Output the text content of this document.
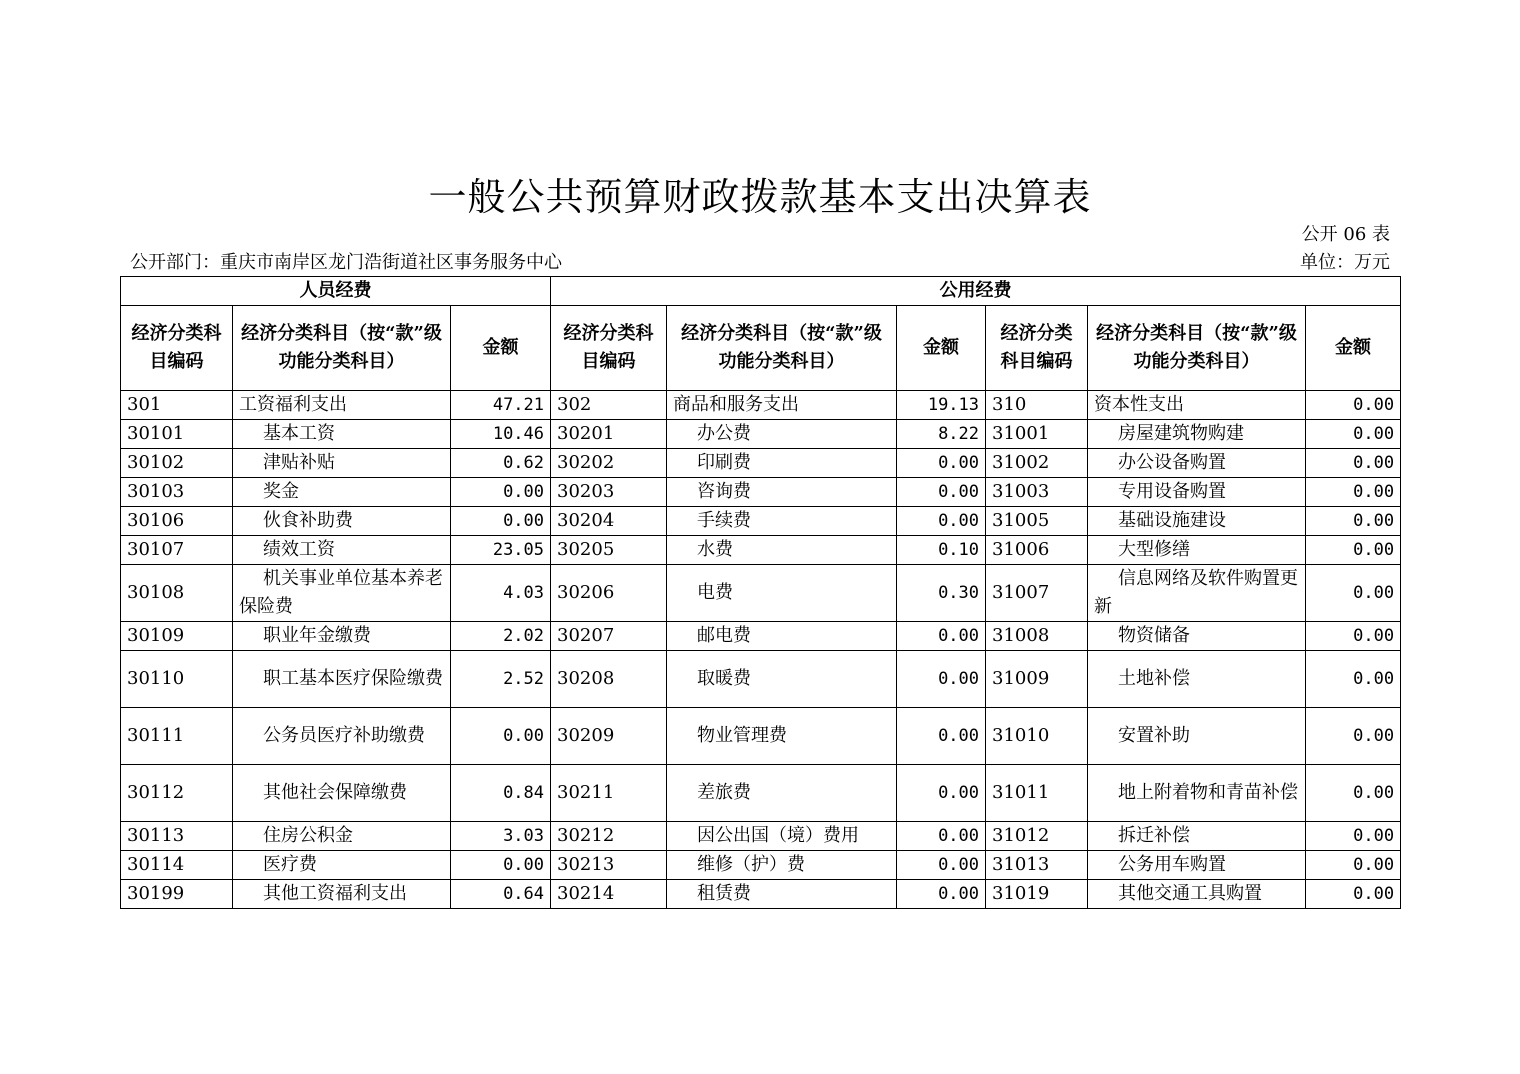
一般公共预算财政拨款基本支出决算表
公开 06 表
公开部门：重庆市南岸区龙门浩街道社区事务服务中心	单位：万元
人员经费			公用经费					
经济分类科目编码	经济分类科目（按“款”级功能分类科目）	金额	经济分类科目编码	经济分类科目（按“款”级功能分类科目）	金额	经济分类科目编码	经济分类科目（按“款”级功能分类科目）	金额
301	工资福利支出	47.21	302	商品和服务支出	19.13	310	资本性支出	0.00
30101	基本工资	10.46	30201	办公费	8.22	31001	房屋建筑物购建	0.00
30102	津贴补贴	0.62	30202	印刷费	0.00	31002	办公设备购置	0.00
30103	奖金	0.00	30203	咨询费	0.00	31003	专用设备购置	0.00
30106	伙食补助费	0.00	30204	手续费	0.00	31005	基础设施建设	0.00
30107	绩效工资	23.05	30205	水费	0.10	31006	大型修缮	0.00
30108	机关事业单位基本养老保险费	4.03	30206	电费	0.30	31007	信息网络及软件购置更新	0.00
30109	职业年金缴费	2.02	30207	邮电费	0.00	31008	物资储备	0.00
30110	职工基本医疗保险缴费	2.52	30208	取暖费	0.00	31009	土地补偿	0.00
30111	公务员医疗补助缴费	0.00	30209	物业管理费	0.00	31010	安置补助	0.00
30112	其他社会保障缴费	0.84	30211	差旅费	0.00	31011	地上附着物和青苗补偿	0.00
30113	住房公积金	3.03	30212	因公出国（境）费用	0.00	31012	拆迁补偿	0.00
30114	医疗费	0.00	30213	维修（护）费	0.00	31013	公务用车购置	0.00
30199	其他工资福利支出	0.64	30214	租赁费	0.00	31019	其他交通工具购置	0.00
